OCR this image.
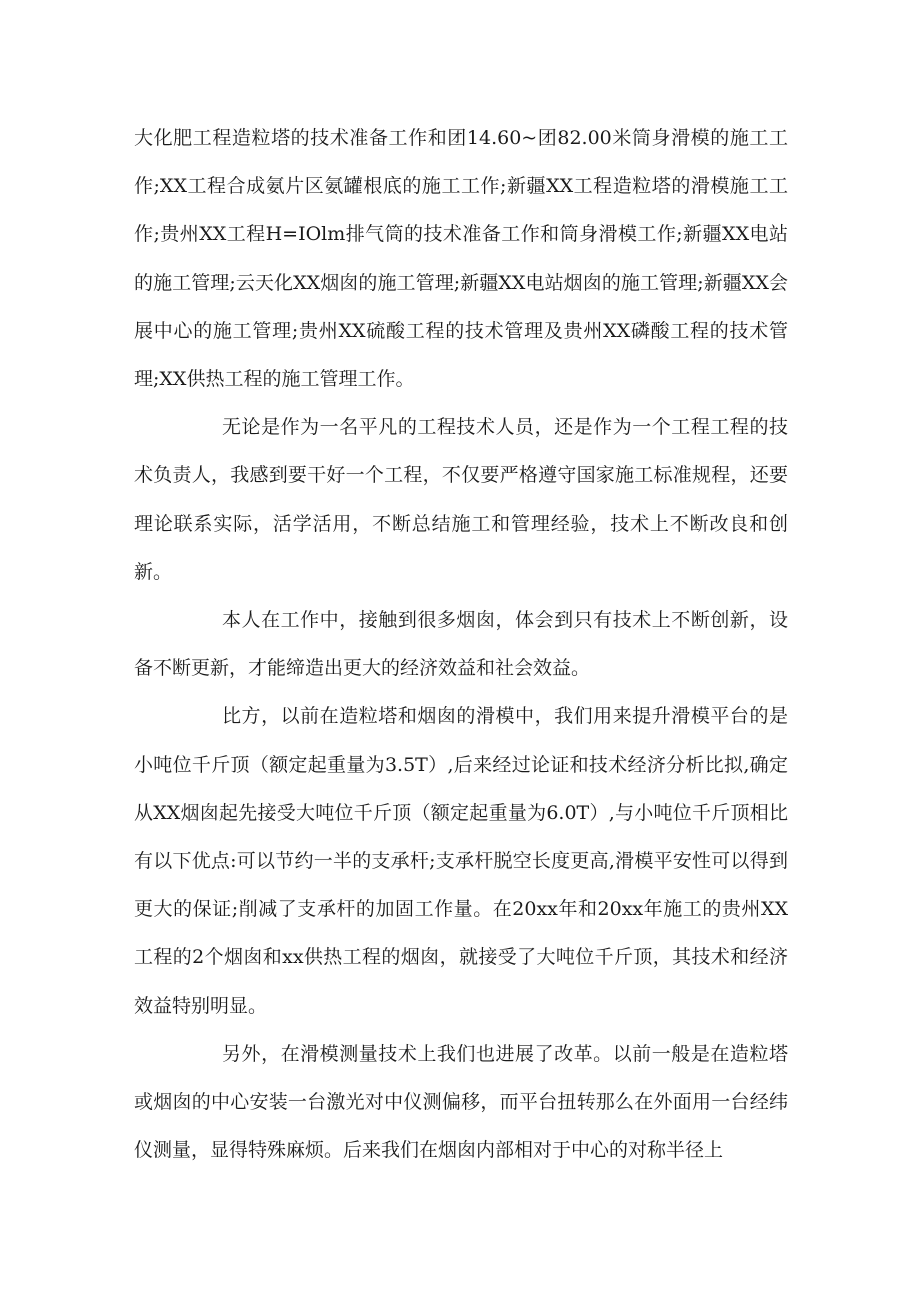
大化肥工程造粒塔的技术准备工作和团14.60~团82.00米筒身滑模的施工工作;XX工程合成氨片区氨罐根底的施工工作;新疆XX工程造粒塔的滑模施工工作;贵州XX工程H=IOlm排气筒的技术准备工作和筒身滑模工作;新疆XX电站的施工管理;云天化XX烟囱的施工管理;新疆XX电站烟囱的施工管理;新疆XX会展中心的施工管理;贵州XX硫酸工程的技术管理及贵州XX磷酸工程的技术管理;XX供热工程的施工管理工作。

无论是作为一名平凡的工程技术人员，还是作为一个工程工程的技术负责人，我感到要干好一个工程，不仅要严格遵守国家施工标准规程，还要理论联系实际，活学活用，不断总结施工和管理经验，技术上不断改良和创新。

本人在工作中，接触到很多烟囱，体会到只有技术上不断创新，设备不断更新，才能缔造出更大的经济效益和社会效益。

比方，以前在造粒塔和烟囱的滑模中，我们用来提升滑模平台的是小吨位千斤顶（额定起重量为3.5T）,后来经过论证和技术经济分析比拟,确定从XX烟囱起先接受大吨位千斤顶（额定起重量为6.0T）,与小吨位千斤顶相比有以下优点:可以节约一半的支承杆;支承杆脱空长度更高,滑模平安性可以得到更大的保证;削减了支承杆的加固工作量。在20xx年和20xx年施工的贵州XX工程的2个烟囱和xx供热工程的烟囱，就接受了大吨位千斤顶，其技术和经济效益特别明显。

另外，在滑模测量技术上我们也进展了改革。以前一般是在造粒塔或烟囱的中心安装一台激光对中仪测偏移，而平台扭转那么在外面用一台经纬仪测量，显得特殊麻烦。后来我们在烟囱内部相对于中心的对称半径上
